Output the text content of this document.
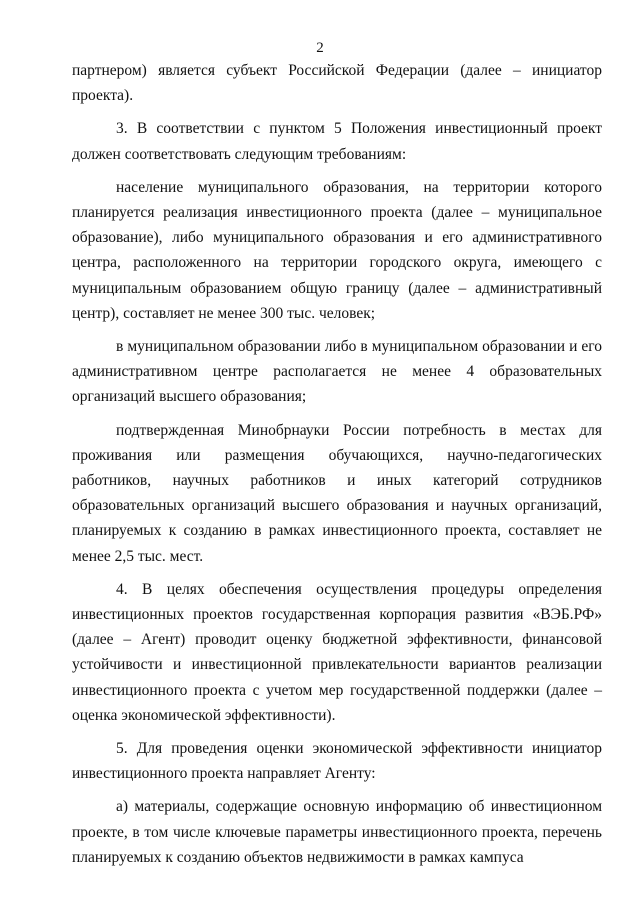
2

партнером) является субъект Российской Федерации (далее – инициатор проекта).

3. В соответствии с пунктом 5 Положения инвестиционный проект должен соответствовать следующим требованиям:

население муниципального образования, на территории которого планируется реализация инвестиционного проекта (далее – муниципальное образование), либо муниципального образования и его административного центра, расположенного на территории городского округа, имеющего с муниципальным образованием общую границу (далее – административный центр), составляет не менее 300 тыс. человек;

в муниципальном образовании либо в муниципальном образовании и его административном центре располагается не менее 4 образовательных организаций высшего образования;

подтвержденная Минобрнауки России потребность в местах для проживания или размещения обучающихся, научно-педагогических работников, научных работников и иных категорий сотрудников образовательных организаций высшего образования и научных организаций, планируемых к созданию в рамках инвестиционного проекта, составляет не менее 2,5 тыс. мест.

4. В целях обеспечения осуществления процедуры определения инвестиционных проектов государственная корпорация развития «ВЭБ.РФ» (далее – Агент) проводит оценку бюджетной эффективности, финансовой устойчивости и инвестиционной привлекательности вариантов реализации инвестиционного проекта с учетом мер государственной поддержки (далее – оценка экономической эффективности).

5. Для проведения оценки экономической эффективности инициатор инвестиционного проекта направляет Агенту:

а) материалы, содержащие основную информацию об инвестиционном проекте, в том числе ключевые параметры инвестиционного проекта, перечень планируемых к созданию объектов недвижимости в рамках кампуса
